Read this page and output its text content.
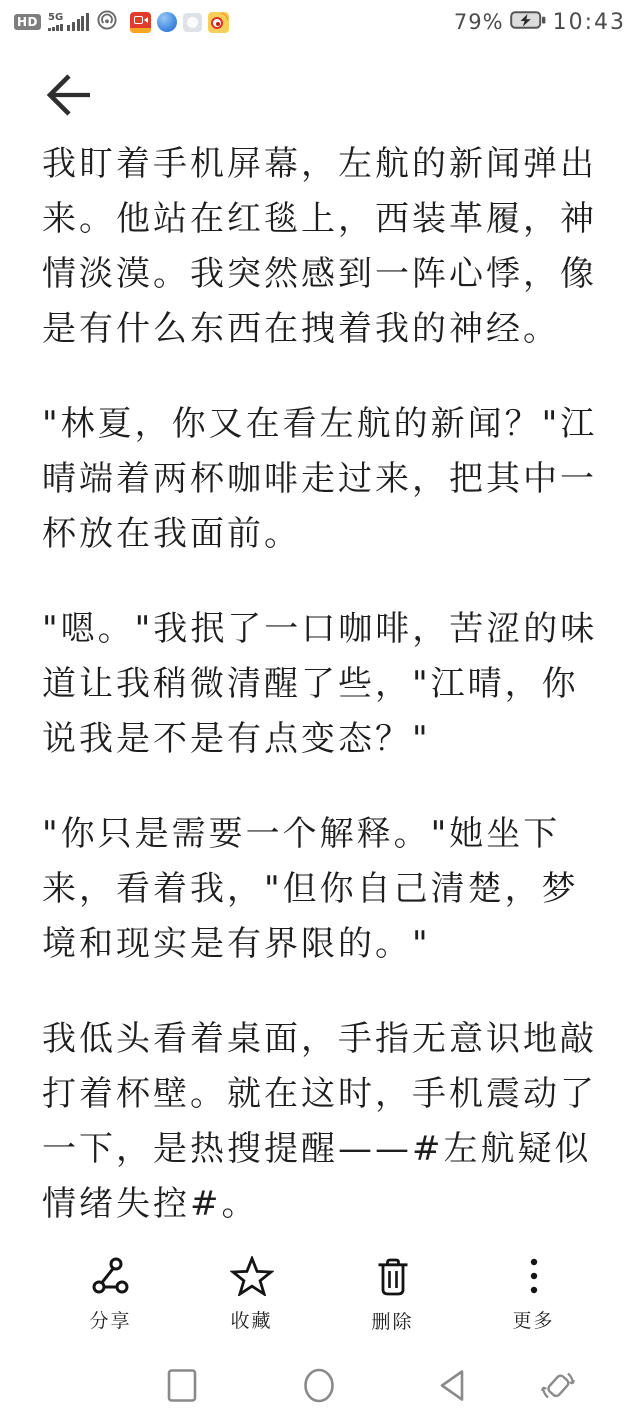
HD	5G	79% 10:43

我盯着手机屏幕，左航的新闻弹出来。他站在红毯上，西装革履，神情淡漠。我突然感到一阵心悸，像是有什么东西在拽着我的神经。

"林夏，你又在看左航的新闻？"江晴端着两杯咖啡走过来，把其中一杯放在我面前。

"嗯。"我抿了一口咖啡，苦涩的味道让我稍微清醒了些，"江晴，你说我是不是有点变态？"

"你只是需要一个解释。"她坐下来，看着我，"但你自己清楚，梦境和现实是有界限的。"

我低头看着桌面，手指无意识地敲打着杯壁。就在这时，手机震动了一下，是热搜提醒——#左航疑似情绪失控#。

分享	收藏	删除	更多
